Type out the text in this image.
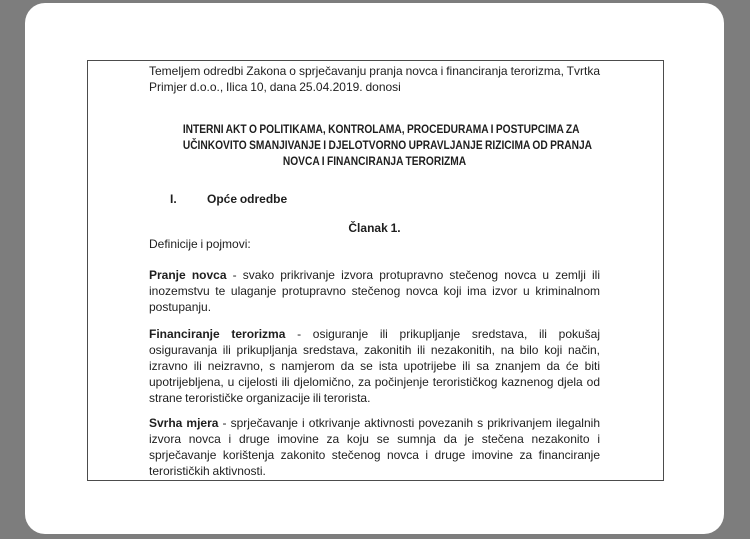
Temeljem odredbi Zakona o sprječavanju pranja novca i financiranja terorizma, Tvrtka Primjer d.o.o., Ilica 10, dana 25.04.2019. donosi

INTERNI AKT O POLITIKAMA, KONTROLAMA, PROCEDURAMA I POSTUPCIMA ZA
UČINKOVITO SMANJIVANJE I DJELOTVORNO UPRAVLJANJE RIZICIMA OD PRANJA
NOVCA I FINANCIRANJA TERORIZMA
I.	Opće odredbe

Članak 1.

Definicije i pojmovi:

Pranje novca - svako prikrivanje izvora protupravno stečenog novca u zemlji ili inozemstvu te ulaganje protupravno stečenog novca koji ima izvor u kriminalnom postupanju.

Financiranje terorizma - osiguranje ili prikupljanje sredstava, ili pokušaj osiguravanja ili prikupljanja sredstava, zakonitih ili nezakonitih, na bilo koji način, izravno ili neizravno, s namjerom da se ista upotrijebe ili sa znanjem da će biti upotrijebljena, u cijelosti ili djelomično, za počinjenje terorističkog kaznenog djela od strane terorističke organizacije ili terorista.

Svrha mjera - sprječavanje i otkrivanje aktivnosti povezanih s prikrivanjem ilegalnih izvora novca i druge imovine za koju se sumnja da je stečena nezakonito i sprječavanje korištenja zakonito stečenog novca i druge imovine za financiranje terorističkih aktivnosti.
